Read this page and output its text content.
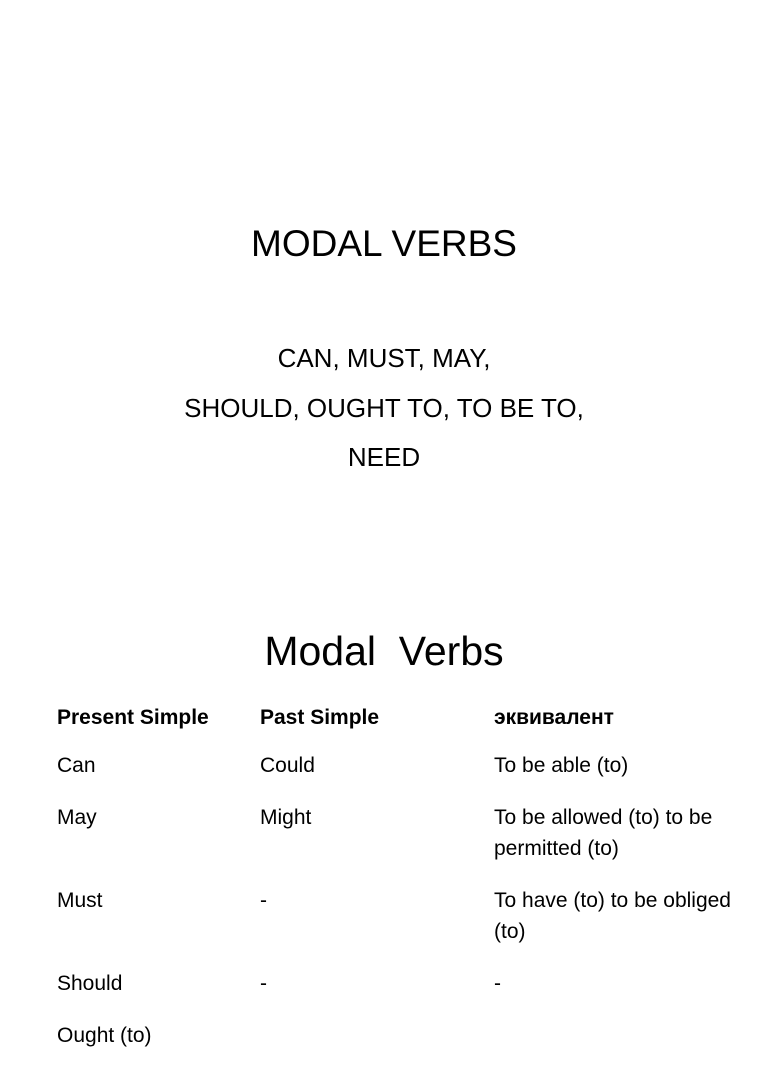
MODAL VERBS
CAN, MUST, MAY,
SHOULD, OUGHT TO, TO BE TO,
NEED
Modal  Verbs
Present Simple	Past Simple	эквивалент
Can	Could	To be able (to)
May	Might	To be allowed (to) to be permitted (to)
Must	-	To have (to) to be obliged (to)
Should	-	-
Ought (to)		
